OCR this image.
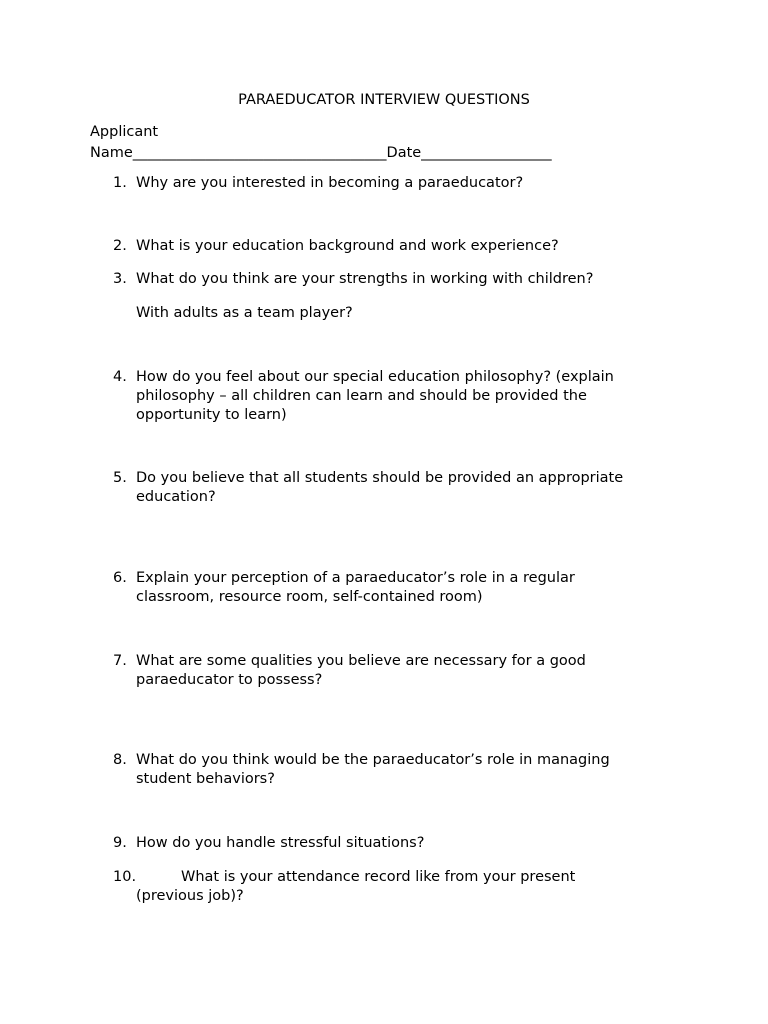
PARAEDUCATOR INTERVIEW QUESTIONS
Applicant
Name___________________________________Date__________________
1. Why are you interested in becoming a paraeducator?
2. What is your education background and work experience?
3. What do you think are your strengths in working with children?
With adults as a team player?
4. How do you feel about our special education philosophy? (explain
philosophy – all children can learn and should be provided the
opportunity to learn)
5. Do you believe that all students should be provided an appropriate
education?
6. Explain your perception of a paraeducator’s role in a regular
classroom, resource room, self-contained room)
7. What are some qualities you believe are necessary for a good
paraeducator to possess?
8. What do you think would be the paraeducator’s role in managing
student behaviors?
9. How do you handle stressful situations?
10.	What is your attendance record like from your present
(previous job)?
